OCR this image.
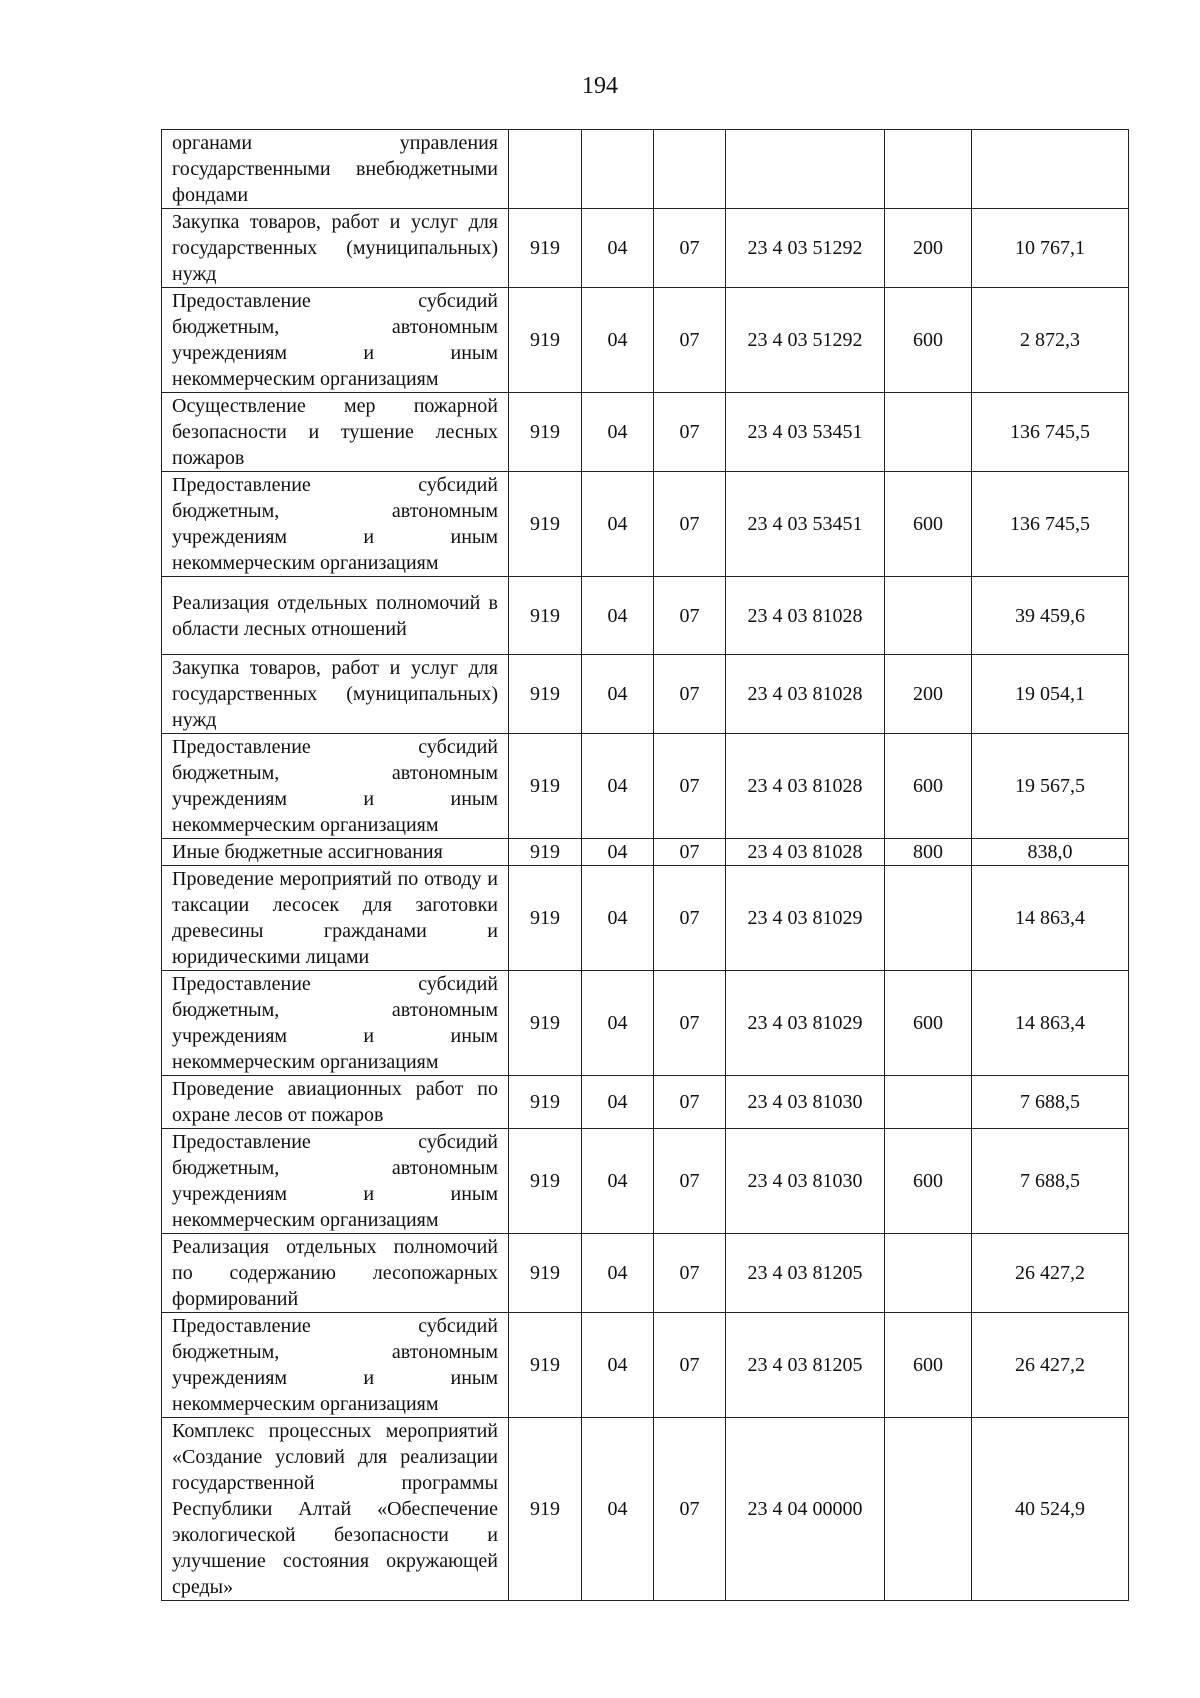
194
органами управления государственными внебюджетными фондами						
Закупка товаров, работ и услуг для государственных (муниципальных) нужд	919	04	07	23 4 03 51292	200	10 767,1
Предоставление субсидий бюджетным, автономным учреждениям и иным некоммерческим организациям	919	04	07	23 4 03 51292	600	2 872,3
Осуществление мер пожарной безопасности и тушение лесных пожаров	919	04	07	23 4 03 53451		136 745,5
Предоставление субсидий бюджетным, автономным учреждениям и иным некоммерческим организациям	919	04	07	23 4 03 53451	600	136 745,5
Реализация отдельных полномочий в области лесных отношений	919	04	07	23 4 03 81028		39 459,6
Закупка товаров, работ и услуг для государственных (муниципальных) нужд	919	04	07	23 4 03 81028	200	19 054,1
Предоставление субсидий бюджетным, автономным учреждениям и иным некоммерческим организациям	919	04	07	23 4 03 81028	600	19 567,5
Иные бюджетные ассигнования	919	04	07	23 4 03 81028	800	838,0
Проведение мероприятий по отводу и таксации лесосек для заготовки древесины гражданами и юридическими лицами	919	04	07	23 4 03 81029		14 863,4
Предоставление субсидий бюджетным, автономным учреждениям и иным некоммерческим организациям	919	04	07	23 4 03 81029	600	14 863,4
Проведение авиационных работ по охране лесов от пожаров	919	04	07	23 4 03 81030		7 688,5
Предоставление субсидий бюджетным, автономным учреждениям и иным некоммерческим организациям	919	04	07	23 4 03 81030	600	7 688,5
Реализация отдельных полномочий по содержанию лесопожарных формирований	919	04	07	23 4 03 81205		26 427,2
Предоставление субсидий бюджетным, автономным учреждениям и иным некоммерческим организациям	919	04	07	23 4 03 81205	600	26 427,2
Комплекс процессных мероприятий «Создание условий для реализации государственной программы Республики Алтай «Обеспечение экологической безопасности и улучшение состояния окружающей среды»	919	04	07	23 4 04 00000		40 524,9
